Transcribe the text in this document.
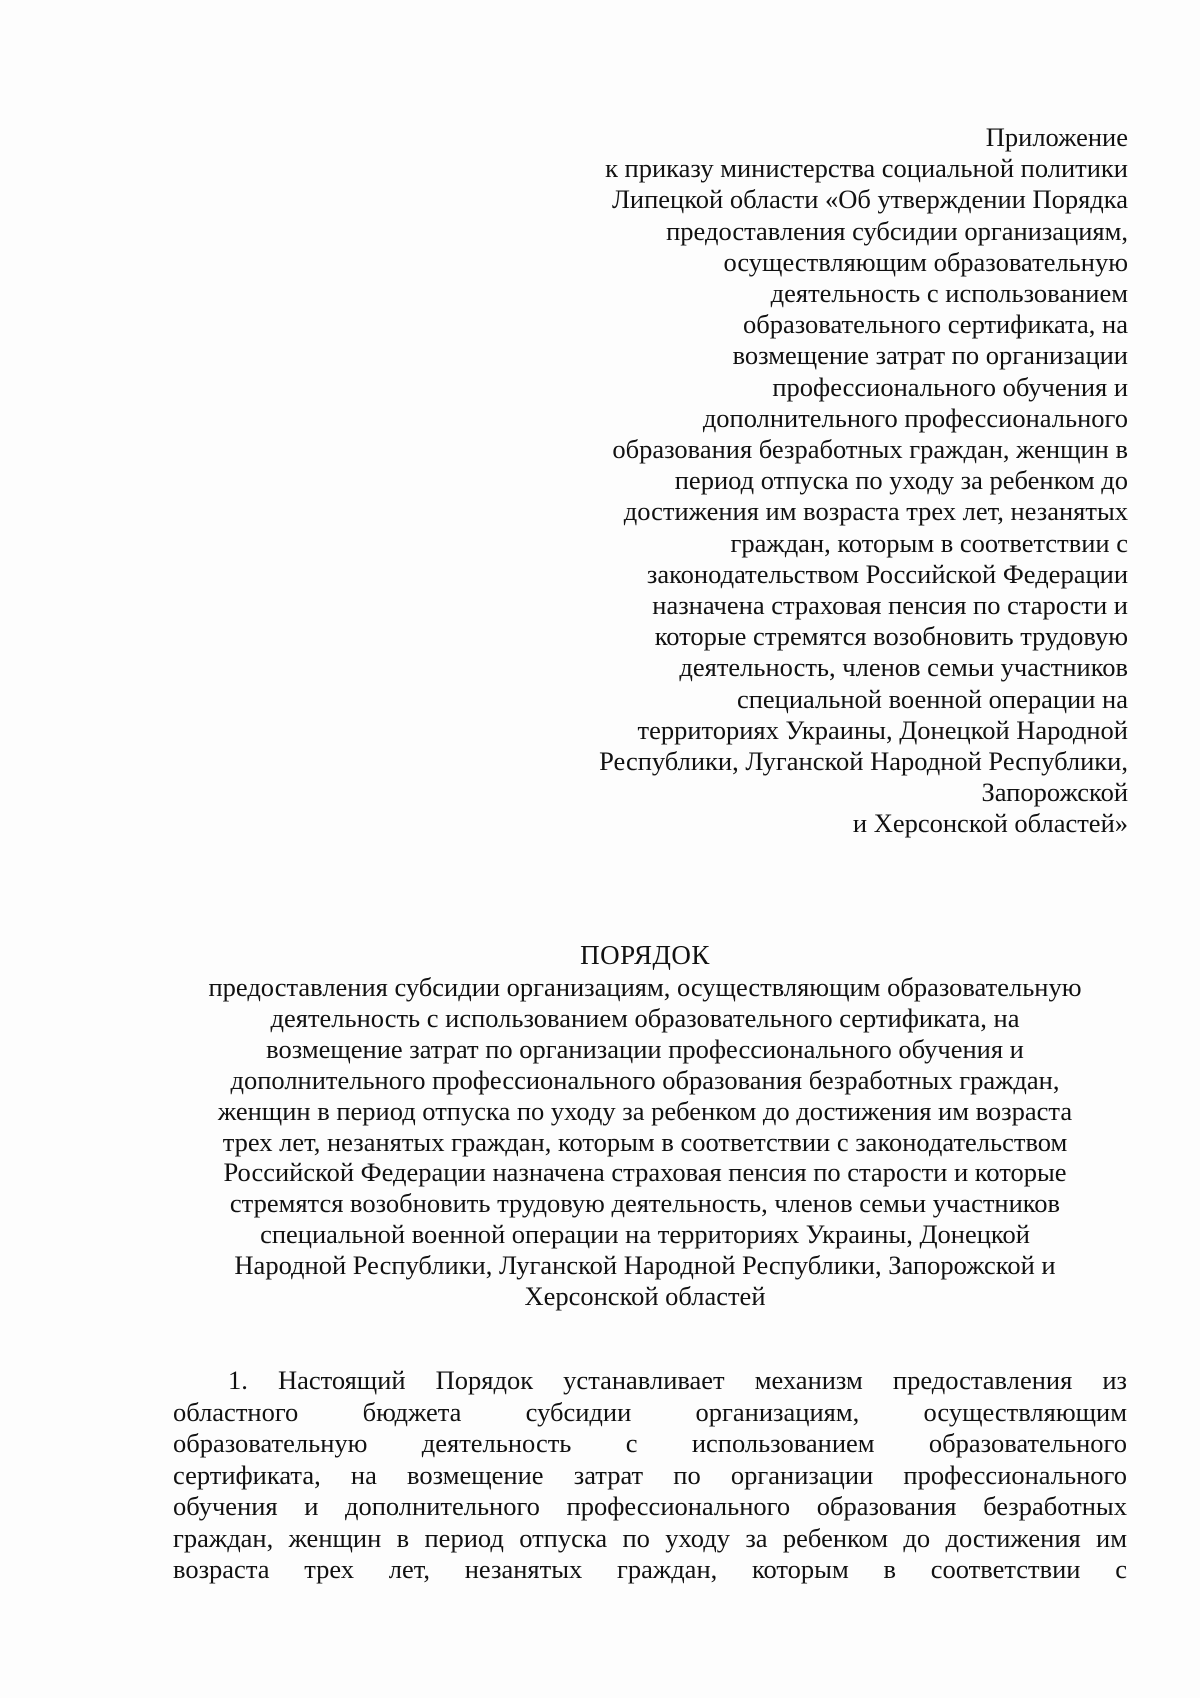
Приложение
к приказу министерства социальной политики
Липецкой области «Об утверждении Порядка
предоставления субсидии организациям,
осуществляющим образовательную
деятельность с использованием
образовательного сертификата, на
возмещение затрат по организации
профессионального обучения и
дополнительного профессионального
образования безработных граждан, женщин в
период отпуска по уходу за ребенком до
достижения им возраста трех лет, незанятых
граждан, которым в соответствии с
законодательством Российской Федерации
назначена страховая пенсия по старости и
которые стремятся возобновить трудовую
деятельность, членов семьи участников
специальной военной операции на
территориях Украины, Донецкой Народной
Республики, Луганской Народной Республики,
Запорожской
и Херсонской областей»
ПОРЯДОК
предоставления субсидии организациям, осуществляющим образовательную
деятельность с использованием образовательного сертификата, на
возмещение затрат по организации профессионального обучения и
дополнительного профессионального образования безработных граждан,
женщин в период отпуска по уходу за ребенком до достижения им возраста
трех лет, незанятых граждан, которым в соответствии с законодательством
Российской Федерации назначена страховая пенсия по старости и которые
стремятся возобновить трудовую деятельность, членов семьи участников
специальной военной операции на территориях Украины, Донецкой
Народной Республики, Луганской Народной Республики, Запорожской и
Херсонской областей
1. Настоящий Порядок устанавливает механизм предоставления из
областного бюджета субсидии организациям, осуществляющим
образовательную деятельность с использованием образовательного
сертификата, на возмещение затрат по организации профессионального
обучения и дополнительного профессионального образования безработных
граждан, женщин в период отпуска по уходу за ребенком до достижения им
возраста трех лет, незанятых граждан, которым в соответствии с
